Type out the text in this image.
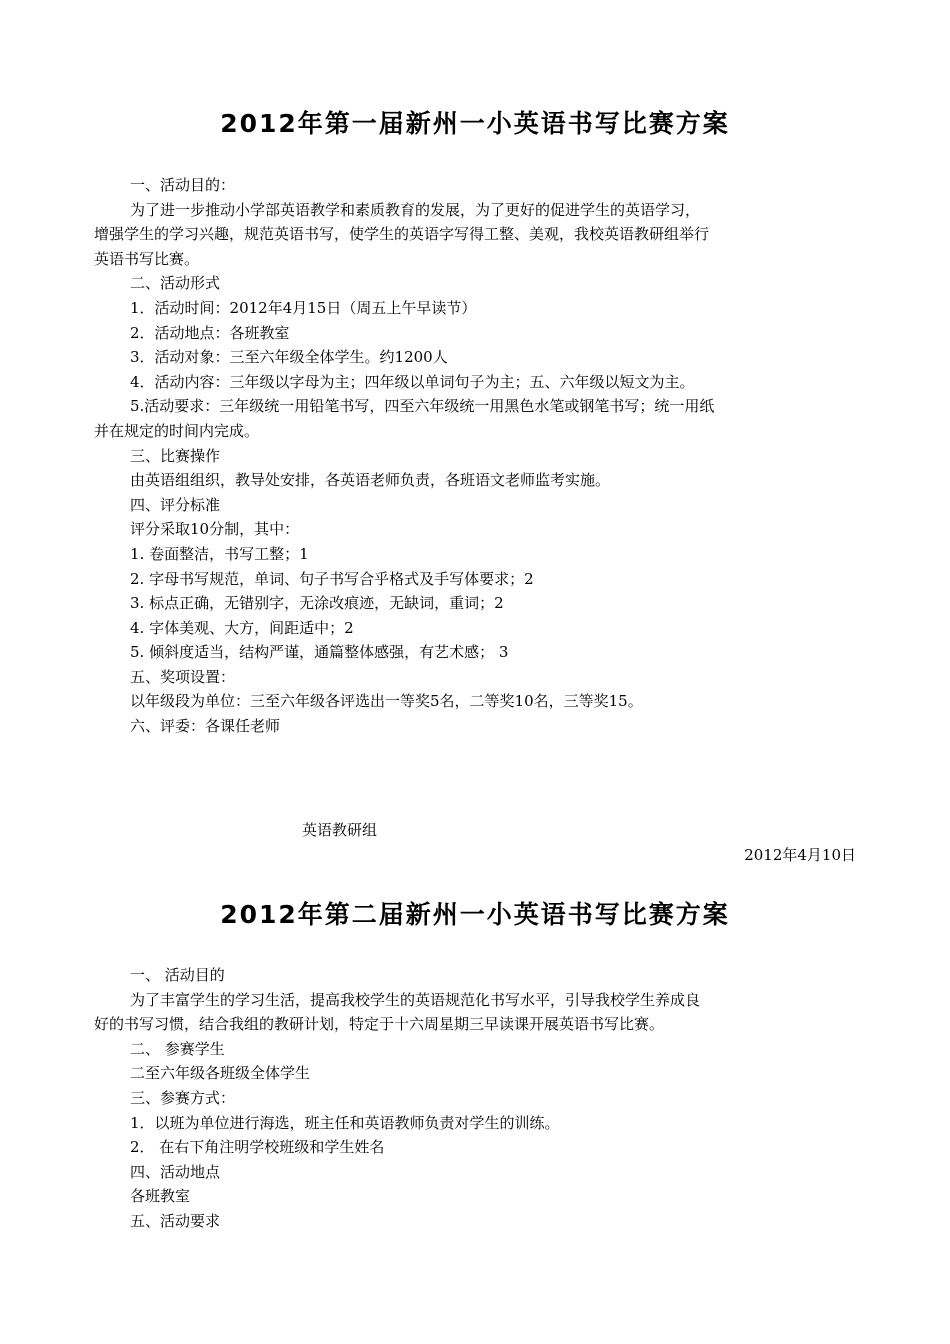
2012年第一届新州一小英语书写比赛方案

一、活动目的：

为了进一步推动小学部英语教学和素质教育的发展，为了更好的促进学生的英语学习，

增强学生的学习兴趣，规范英语书写，使学生的英语字写得工整、美观，我校英语教研组举行

英语书写比赛。

二、活动形式

1．活动时间：2012年4月15日（周五上午早读节）

2．活动地点：各班教室

3．活动对象：三至六年级全体学生。约1200人

4．活动内容：三年级以字母为主；四年级以单词句子为主；五、六年级以短文为主。

5.活动要求：三年级统一用铅笔书写，四至六年级统一用黑色水笔或钢笔书写；统一用纸

并在规定的时间内完成。

三、比赛操作

由英语组组织，教导处安排，各英语老师负责，各班语文老师监考实施。

四、评分标准

评分采取10分制，其中：

1. 卷面整洁，书写工整；1

2. 字母书写规范，单词、句子书写合乎格式及手写体要求；2

3. 标点正确，无错别字，无涂改痕迹，无缺词，重词；2

4. 字体美观、大方，间距适中；2

5. 倾斜度适当，结构严谨，通篇整体感强，有艺术感； 3

五、奖项设置：

以年级段为单位：三至六年级各评选出一等奖5名，二等奖10名，三等奖15。

六、评委：各课任老师

英语教研组
2012年4月10日
2012年第二届新州一小英语书写比赛方案

一、 活动目的

为了丰富学生的学习生活，提高我校学生的英语规范化书写水平，引导我校学生养成良

好的书写习惯，结合我组的教研计划，特定于十六周星期三早读课开展英语书写比赛。

二、 参赛学生

二至六年级各班级全体学生

三、参赛方式：

1．以班为单位进行海选，班主任和英语教师负责对学生的训练。

2． 在右下角注明学校班级和学生姓名

四、活动地点

各班教室

五、活动要求
